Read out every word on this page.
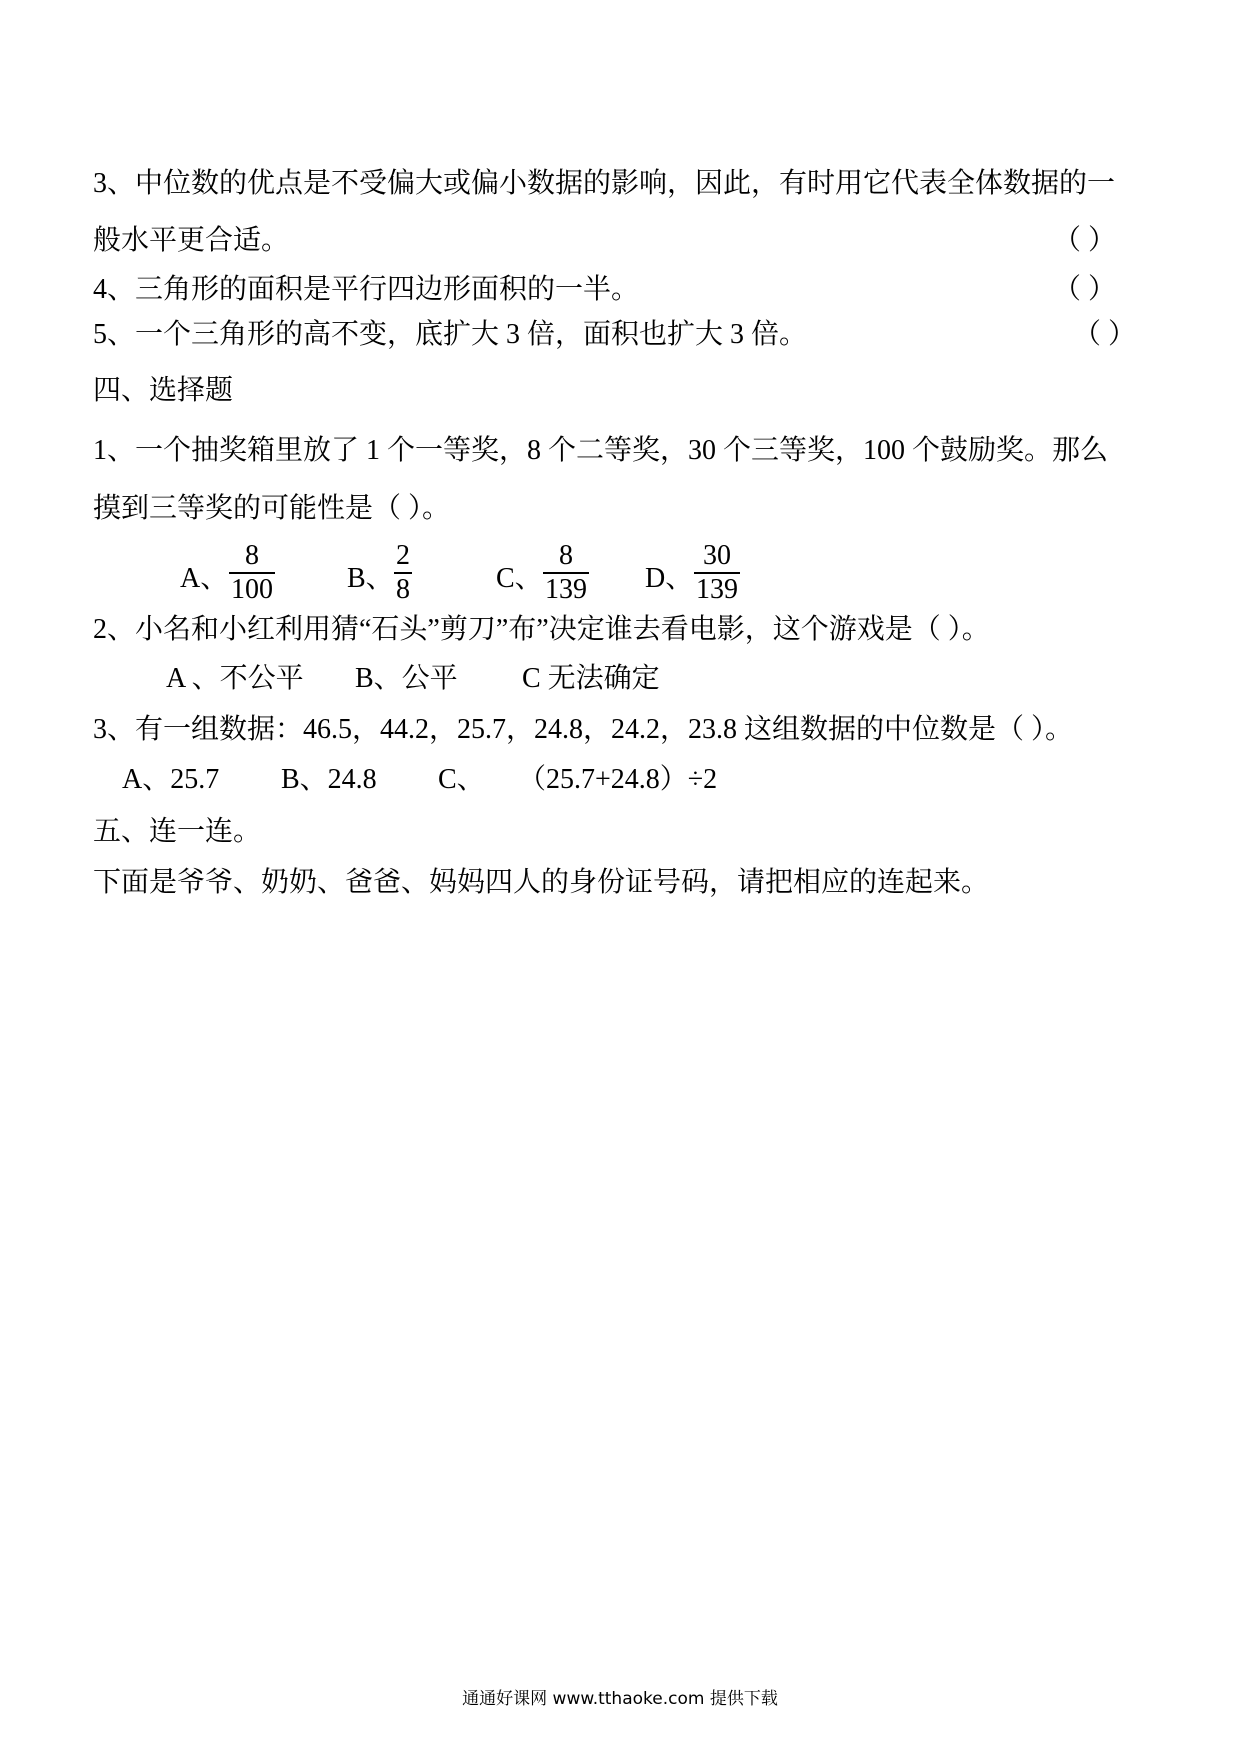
3、中位数的优点是不受偏大或偏小数据的影响，因此，有时用它代表全体数据的一
般水平更合适。	（ ）
4、三角形的面积是平行四边形面积的一半。	（ ）
5、一个三角形的高不变，底扩大 3 倍，面积也扩大 3 倍。	（ ）
四、选择题
1、一个抽奖箱里放了 1 个一等奖，8 个二等奖，30 个三等奖，100 个鼓励奖。那么
摸到三等奖的可能性是（ ）。
A、
8
100	B、
2
8	C、
8
139 D、
30
139
2、小名和小红利用猜“石头”剪刀”布”决定谁去看电影，这个游戏是（ ）。
A 、不公平 B、公平 C 无法确定
3、有一组数据：46.5，44.2，25.7，24.8，24.2，23.8 这组数据的中位数是（ ）。
A、25.7 B、24.8 C、 （25.7+24.8）÷2
五、连一连。
下面是爷爷、奶奶、爸爸、妈妈四人的身份证号码，请把相应的连起来。
通通好课网 www.tthaoke.com 提供下载
